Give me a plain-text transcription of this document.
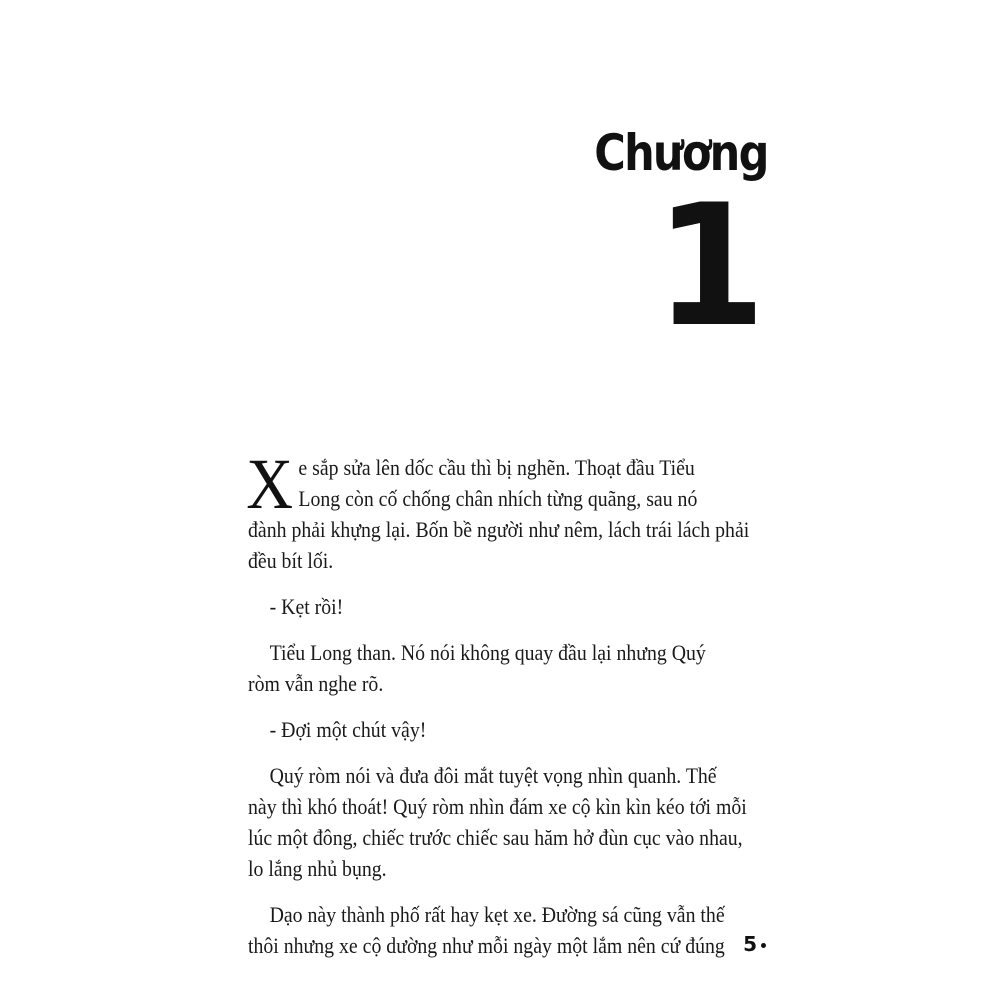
Chương
1

X e sắp sửa lên dốc cầu thì bị nghẽn. Thoạt đầu Tiểu
Long còn cố chống chân nhích từng quãng, sau nó
đành phải khựng lại. Bốn bề người như nêm, lách trái lách phải
đều bít lối.

- Kẹt rồi!

Tiểu Long than. Nó nói không quay đầu lại nhưng Quý
ròm vẫn nghe rõ.

- Đợi một chút vậy!

Quý ròm nói và đưa đôi mắt tuyệt vọng nhìn quanh. Thế
này thì khó thoát! Quý ròm nhìn đám xe cộ kìn kìn kéo tới mỗi
lúc một đông, chiếc trước chiếc sau hăm hở đùn cục vào nhau,
lo lắng nhủ bụng.

Dạo này thành phố rất hay kẹt xe. Đường sá cũng vẫn thế
thôi nhưng xe cộ dường như mỗi ngày một lắm nên cứ đúng 5
